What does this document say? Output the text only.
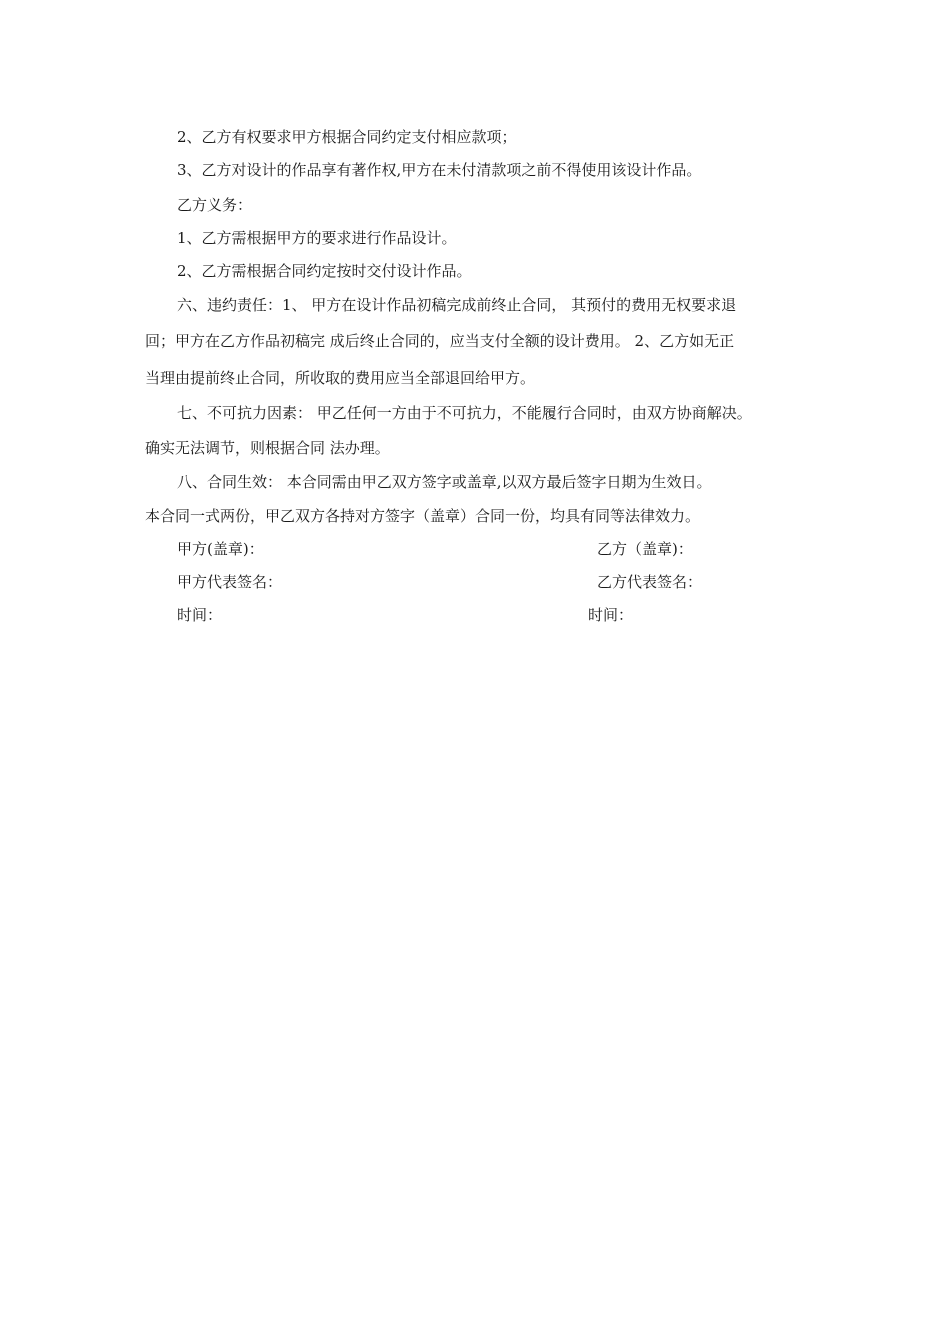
2、乙方有权要求甲方根据合同约定支付相应款项；
3、乙方对设计的作品享有著作权,甲方在未付清款项之前不得使用该设计作品。
乙方义务：
1、乙方需根据甲方的要求进行作品设计。
2、乙方需根据合同约定按时交付设计作品。
六、违约责任：1、 甲方在设计作品初稿完成前终止合同， 其预付的费用无权要求退
回；甲方在乙方作品初稿完 成后终止合同的，应当支付全额的设计费用。 2、乙方如无正
当理由提前终止合同，所收取的费用应当全部退回给甲方。
七、不可抗力因素： 甲乙任何一方由于不可抗力，不能履行合同时，由双方协商解决。
确实无法调节，则根据合同 法办理。
八、合同生效： 本合同需由甲乙双方签字或盖章,以双方最后签字日期为生效日。
本合同一式两份，甲乙双方各持对方签字（盖章）合同一份，均具有同等法律效力。
甲方(盖章)：	乙方（盖章)：
甲方代表签名：	乙方代表签名：
时间：	时间：
